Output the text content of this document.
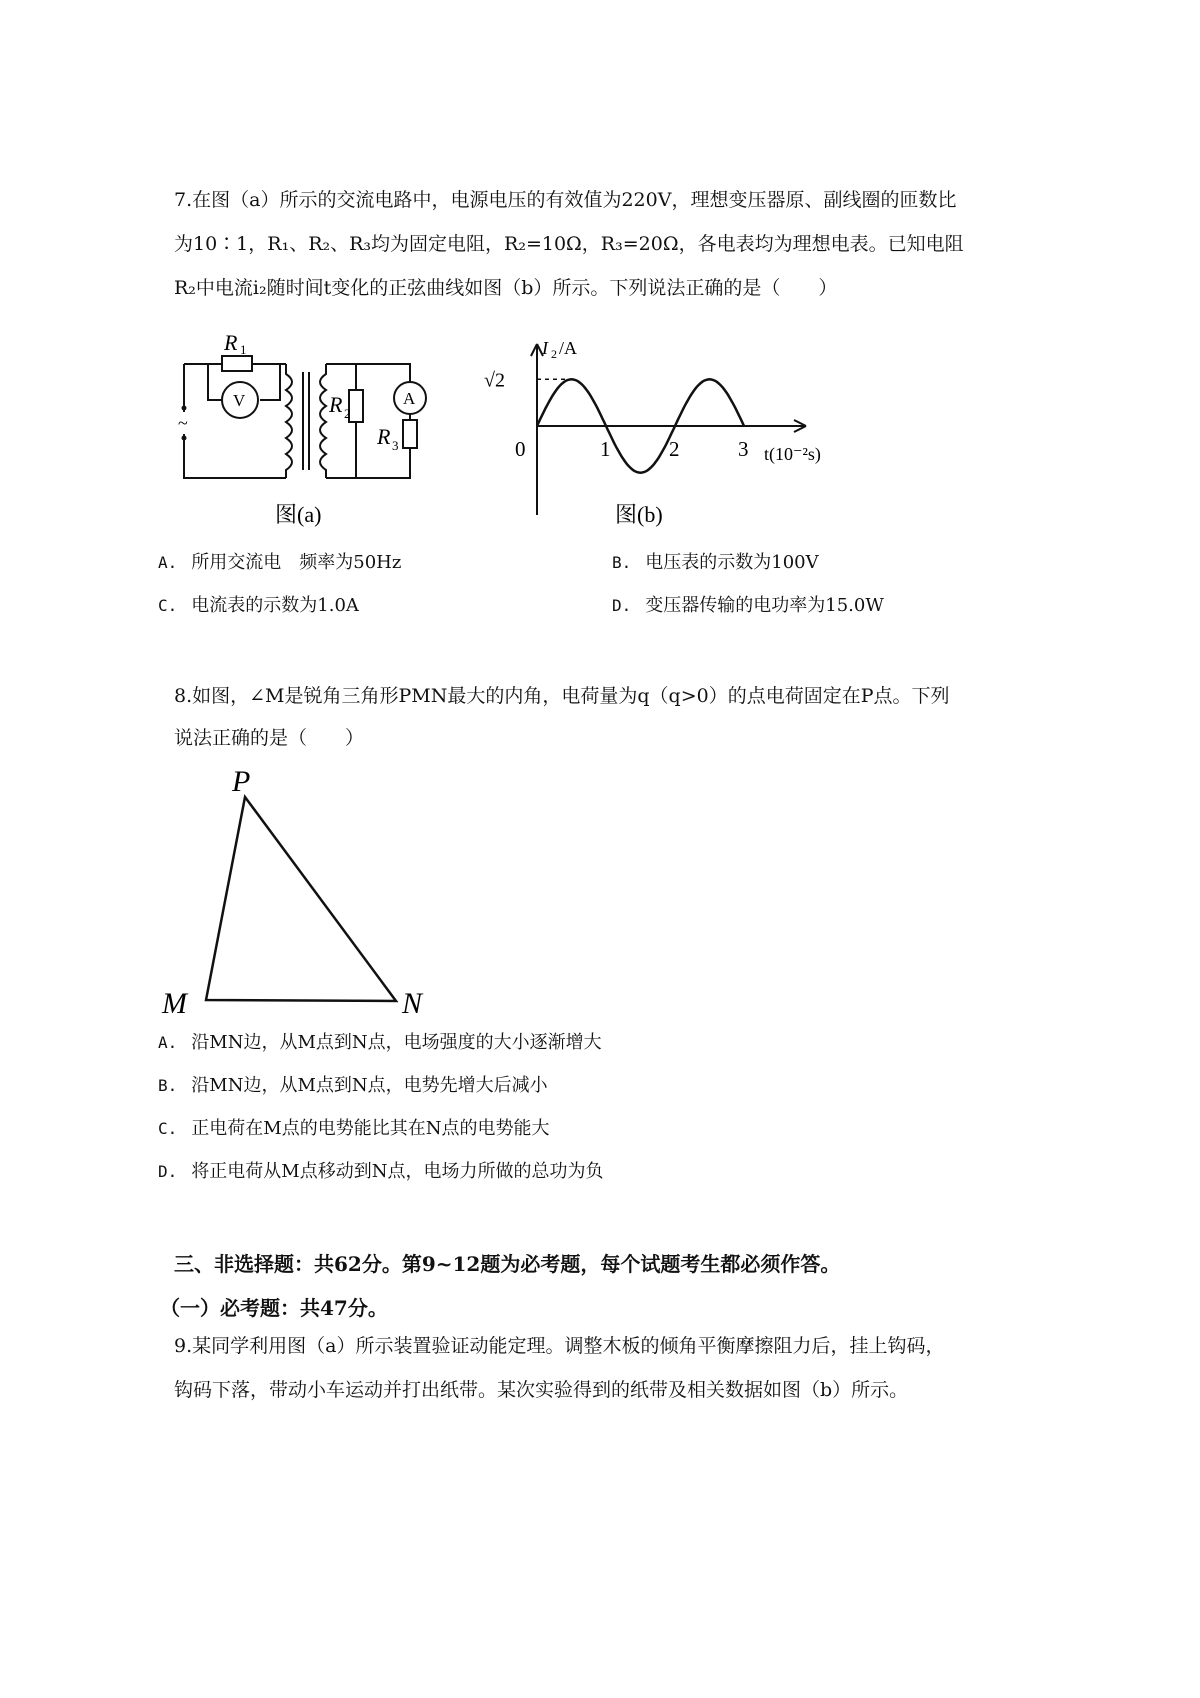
7.在图（a）所示的交流电路中，电源电压的有效值为220V，理想变压器原、副线圈的匝数比
为10∶1，R₁、R₂、R₃均为固定电阻，R₂=10Ω，R₃=20Ω，各电表均为理想电表。已知电阻
R₂中电流i₂随时间t变化的正弦曲线如图（b）所示。下列说法正确的是（　　）
~
R 1
V	R 2
A
R 3
图(a)
0	1	2	3
I 2 /A
√2
t(10⁻²s)
图(b)
A. 所用交流电　频率为50Hz	B. 电压表的示数为100V
C. 电流表的示数为1.0A	D. 变压器传输的电功率为15.0W
8.如图，∠M是锐角三角形PMN最大的内角，电荷量为q（q>0）的点电荷固定在P点。下列
说法正确的是（　　）
P
M	N
A. 沿MN边，从M点到N点，电场强度的大小逐渐增大
B. 沿MN边，从M点到N点，电势先增大后减小
C. 正电荷在M点的电势能比其在N点的电势能大
D. 将正电荷从M点移动到N点，电场力所做的总功为负
三、非选择题：共62分。第9~12题为必考题，每个试题考生都必须作答。
（一）必考题：共47分。
9.某同学利用图（a）所示装置验证动能定理。调整木板的倾角平衡摩擦阻力后，挂上钩码，
钩码下落，带动小车运动并打出纸带。某次实验得到的纸带及相关数据如图（b）所示。
